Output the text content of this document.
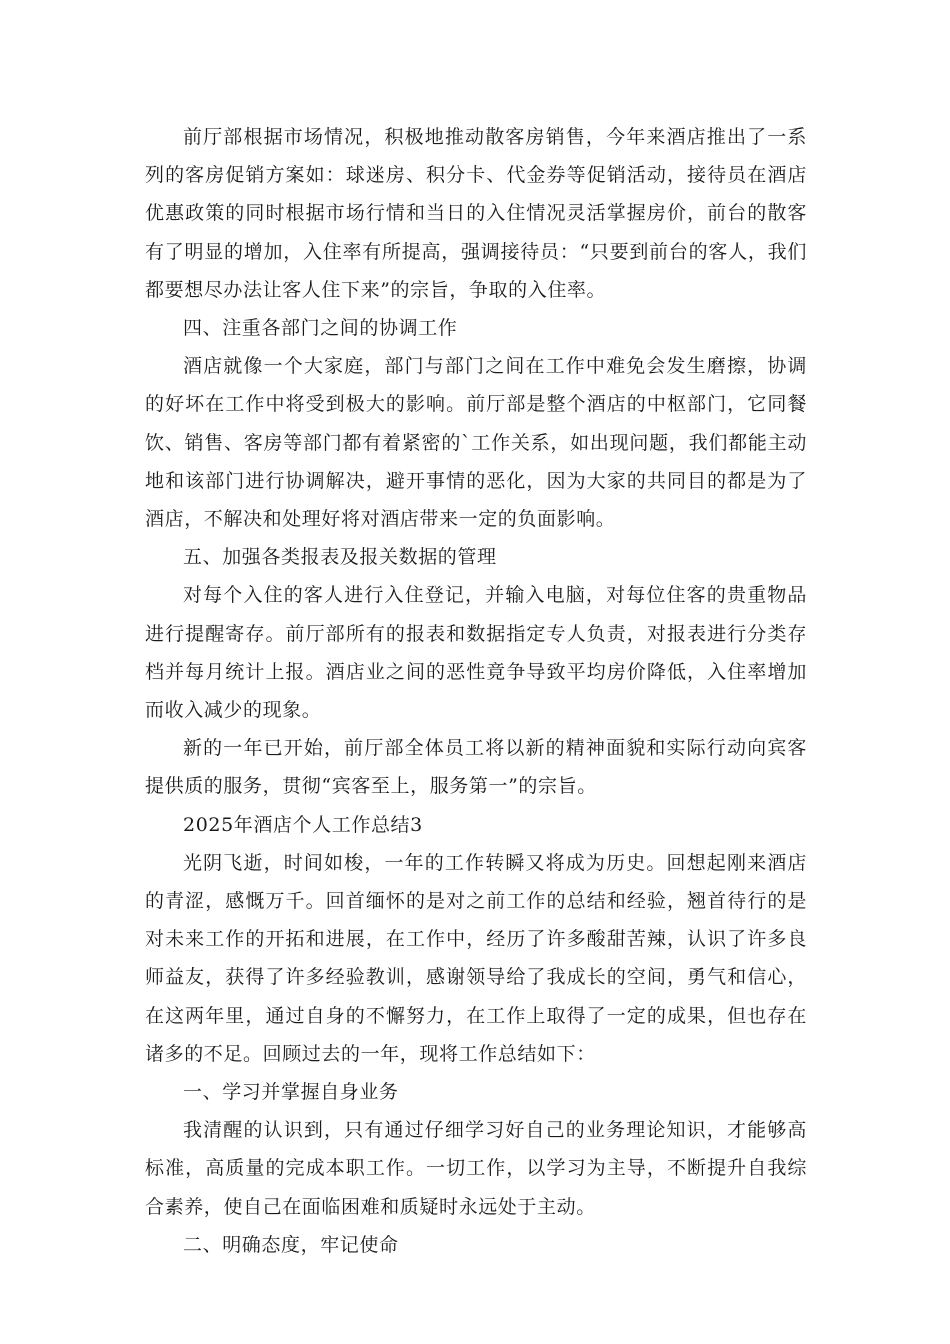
前厅部根据市场情况，积极地推动散客房销售，今年来酒店推出了一系列的客房促销方案如：球迷房、积分卡、代金券等促销活动，接待员在酒店优惠政策的同时根据市场行情和当日的入住情况灵活掌握房价，前台的散客有了明显的增加，入住率有所提高，强调接待员：“只要到前台的客人，我们都要想尽办法让客人住下来”的宗旨，争取的入住率。

四、注重各部门之间的协调工作

酒店就像一个大家庭，部门与部门之间在工作中难免会发生磨擦，协调的好坏在工作中将受到极大的影响。前厅部是整个酒店的中枢部门，它同餐饮、销售、客房等部门都有着紧密的`工作关系，如出现问题，我们都能主动地和该部门进行协调解决，避开事情的恶化，因为大家的共同目的都是为了酒店，不解决和处理好将对酒店带来一定的负面影响。

五、加强各类报表及报关数据的管理

对每个入住的客人进行入住登记，并输入电脑，对每位住客的贵重物品进行提醒寄存。前厅部所有的报表和数据指定专人负责，对报表进行分类存档并每月统计上报。酒店业之间的恶性竟争导致平均房价降低，入住率增加而收入减少的现象。

新的一年已开始，前厅部全体员工将以新的精神面貌和实际行动向宾客提供质的服务，贯彻“宾客至上，服务第一”的宗旨。

2025年酒店个人工作总结3

光阴飞逝，时间如梭，一年的工作转瞬又将成为历史。回想起刚来酒店的青涩，感慨万千。回首缅怀的是对之前工作的总结和经验，翘首待行的是对未来工作的开拓和进展，在工作中，经历了许多酸甜苦辣，认识了许多良师益友，获得了许多经验教训，感谢领导给了我成长的空间，勇气和信心，在这两年里，通过自身的不懈努力，在工作上取得了一定的成果，但也存在诸多的不足。回顾过去的一年，现将工作总结如下：

一、学习并掌握自身业务

我清醒的认识到，只有通过仔细学习好自己的业务理论知识，才能够高标准，高质量的完成本职工作。一切工作，以学习为主导，不断提升自我综合素养，使自己在面临困难和质疑时永远处于主动。

二、明确态度，牢记使命
